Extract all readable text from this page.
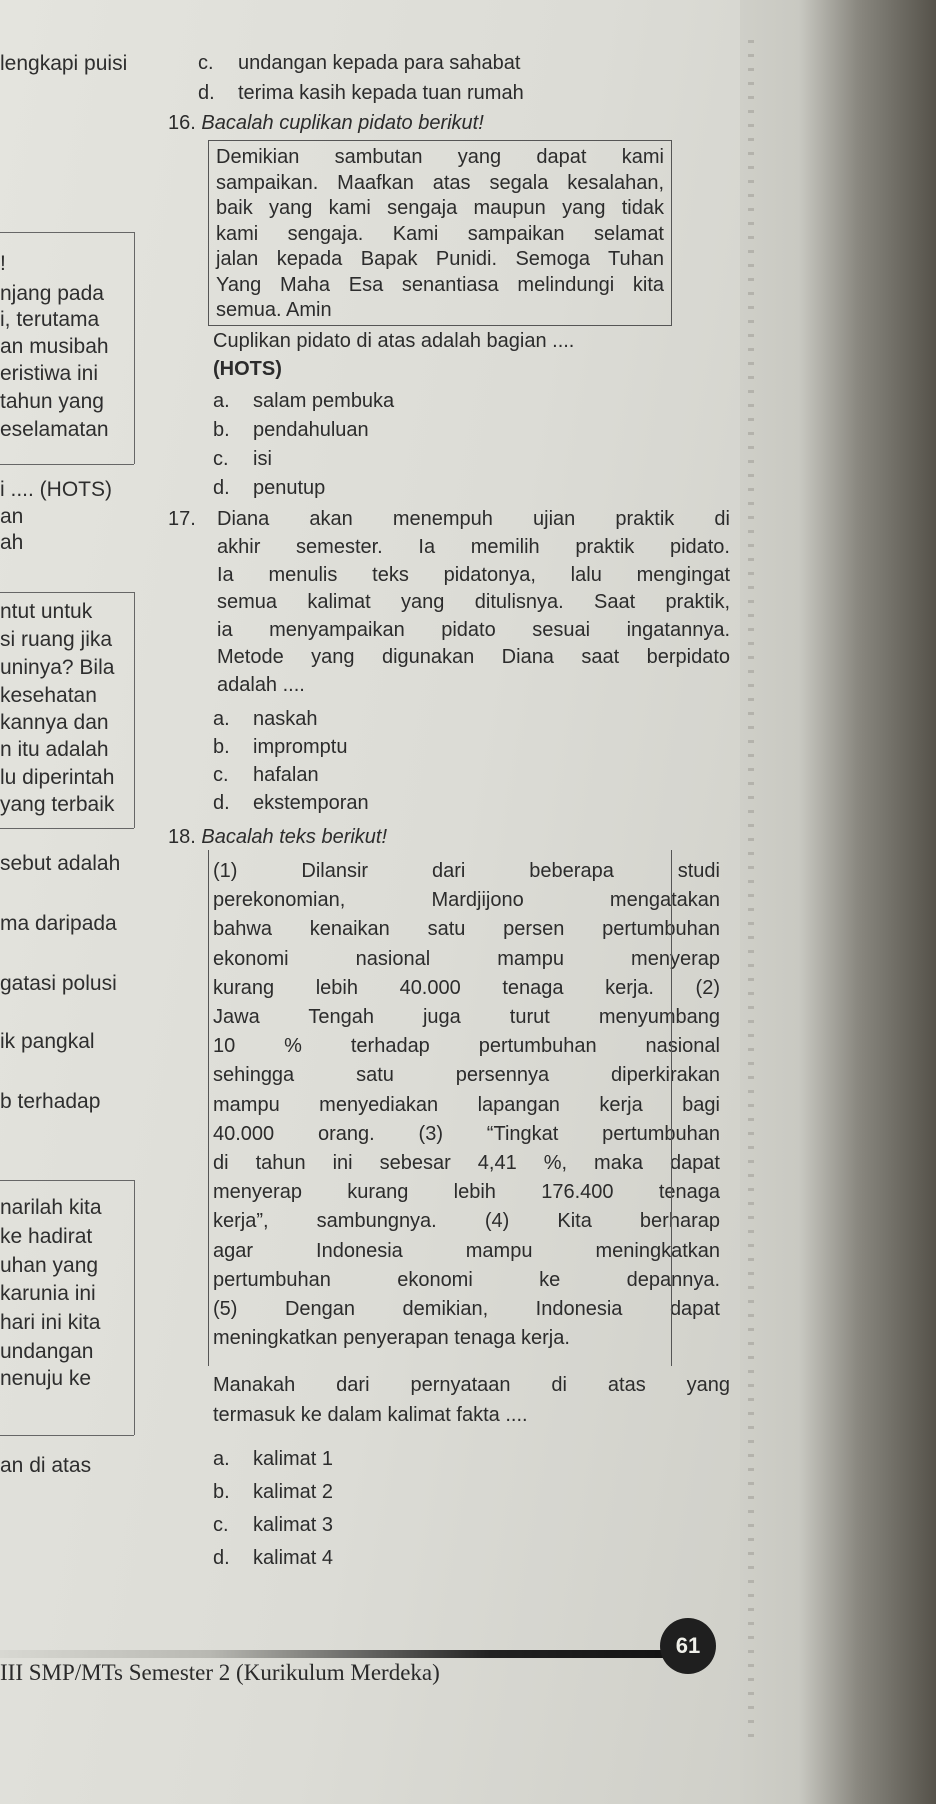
lengkapi puisi
!
njang pada
i, terutama
an musibah
eristiwa ini
tahun yang
eselamatan
i .... (HOTS)
an
ah
ntut untuk
si ruang jika
uninya? Bila
kesehatan
kannya dan
n itu adalah
lu diperintah
yang terbaik
sebut adalah
ma daripada
gatasi polusi
ik pangkal
b terhadap
narilah kita
ke hadirat
uhan yang
karunia ini
hari ini kita
undangan
nenuju ke
an di atas
c. undangan kepada para sahabat
d. terima kasih kepada tuan rumah
16. Bacalah cuplikan pidato berikut!
Demikian sambutan yang dapat kami
sampaikan. Maafkan atas segala kesalahan,
baik yang kami sengaja maupun yang tidak
kami sengaja. Kami sampaikan selamat
jalan kepada Bapak Punidi. Semoga Tuhan
Yang Maha Esa senantiasa melindungi kita
semua. Amin
Cuplikan pidato di atas adalah bagian ....
(HOTS)
a. salam pembuka
b. pendahuluan
c. isi
d. penutup
17. Diana akan menempuh ujian praktik di
akhir semester. Ia memilih praktik pidato.
Ia menulis teks pidatonya, lalu mengingat
semua kalimat yang ditulisnya. Saat praktik,
ia menyampaikan pidato sesuai ingatannya.
Metode yang digunakan Diana saat berpidato
adalah ....
a. naskah
b. impromptu
c. hafalan
d. ekstemporan
18. Bacalah teks berikut!
(1) Dilansir dari beberapa studi
perekonomian, Mardjijono mengatakan
bahwa kenaikan satu persen pertumbuhan
ekonomi nasional mampu menyerap
kurang lebih 40.000 tenaga kerja. (2)
Jawa Tengah juga turut menyumbang
10 % terhadap pertumbuhan nasional
sehingga satu persennya diperkirakan
mampu menyediakan lapangan kerja bagi
40.000 orang. (3) “Tingkat pertumbuhan
di tahun ini sebesar 4,41 %, maka dapat
menyerap kurang lebih 176.400 tenaga
kerja”, sambungnya. (4) Kita berharap
agar Indonesia mampu meningkatkan
pertumbuhan ekonomi ke depannya.
(5) Dengan demikian, Indonesia dapat
meningkatkan penyerapan tenaga kerja.
Manakah dari pernyataan di atas yang
termasuk ke dalam kalimat fakta ....
a. kalimat 1
b. kalimat 2
c. kalimat 3
d. kalimat 4
III SMP/MTs Semester 2 (Kurikulum Merdeka)
61
